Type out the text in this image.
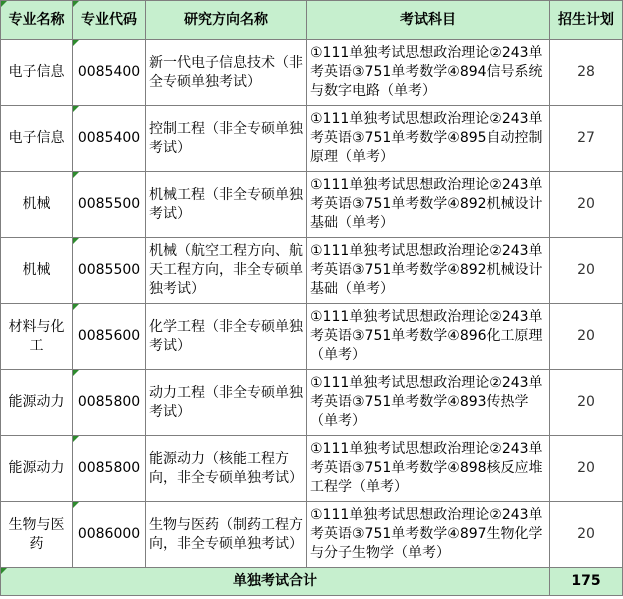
专业名称	专业代码	研究方向名称	考试科目	招生计划
电子信息	0085400	新一代电子信息技术（非全专硕单独考试）	①111单独考试思想政治理论②243单考英语③751单考数学④894信号系统与数字电路（单考）	28
电子信息	0085400	控制工程（非全专硕单独考试）	①111单独考试思想政治理论②243单考英语③751单考数学④895自动控制原理（单考）	27
机械	0085500	机械工程（非全专硕单独考试）	①111单独考试思想政治理论②243单考英语③751单考数学④892机械设计基础（单考）	20
机械	0085500	机械（航空工程方向、航天工程方向，非全专硕单独考试）	①111单独考试思想政治理论②243单考英语③751单考数学④892机械设计基础（单考）	20
材料与化工	0085600	化学工程（非全专硕单独考试）	①111单独考试思想政治理论②243单考英语③751单考数学④896化工原理（单考）	20
能源动力	0085800	动力工程（非全专硕单独考试）	①111单独考试思想政治理论②243单考英语③751单考数学④893传热学（单考）	20
能源动力	0085800	能源动力（核能工程方向，非全专硕单独考试）	①111单独考试思想政治理论②243单考英语③751单考数学④898核反应堆工程学（单考）	20
生物与医药	0086000	生物与医药（制药工程方向，非全专硕单独考试）	①111单独考试思想政治理论②243单考英语③751单考数学④897生物化学与分子生物学（单考）	20
单独考试合计				175
